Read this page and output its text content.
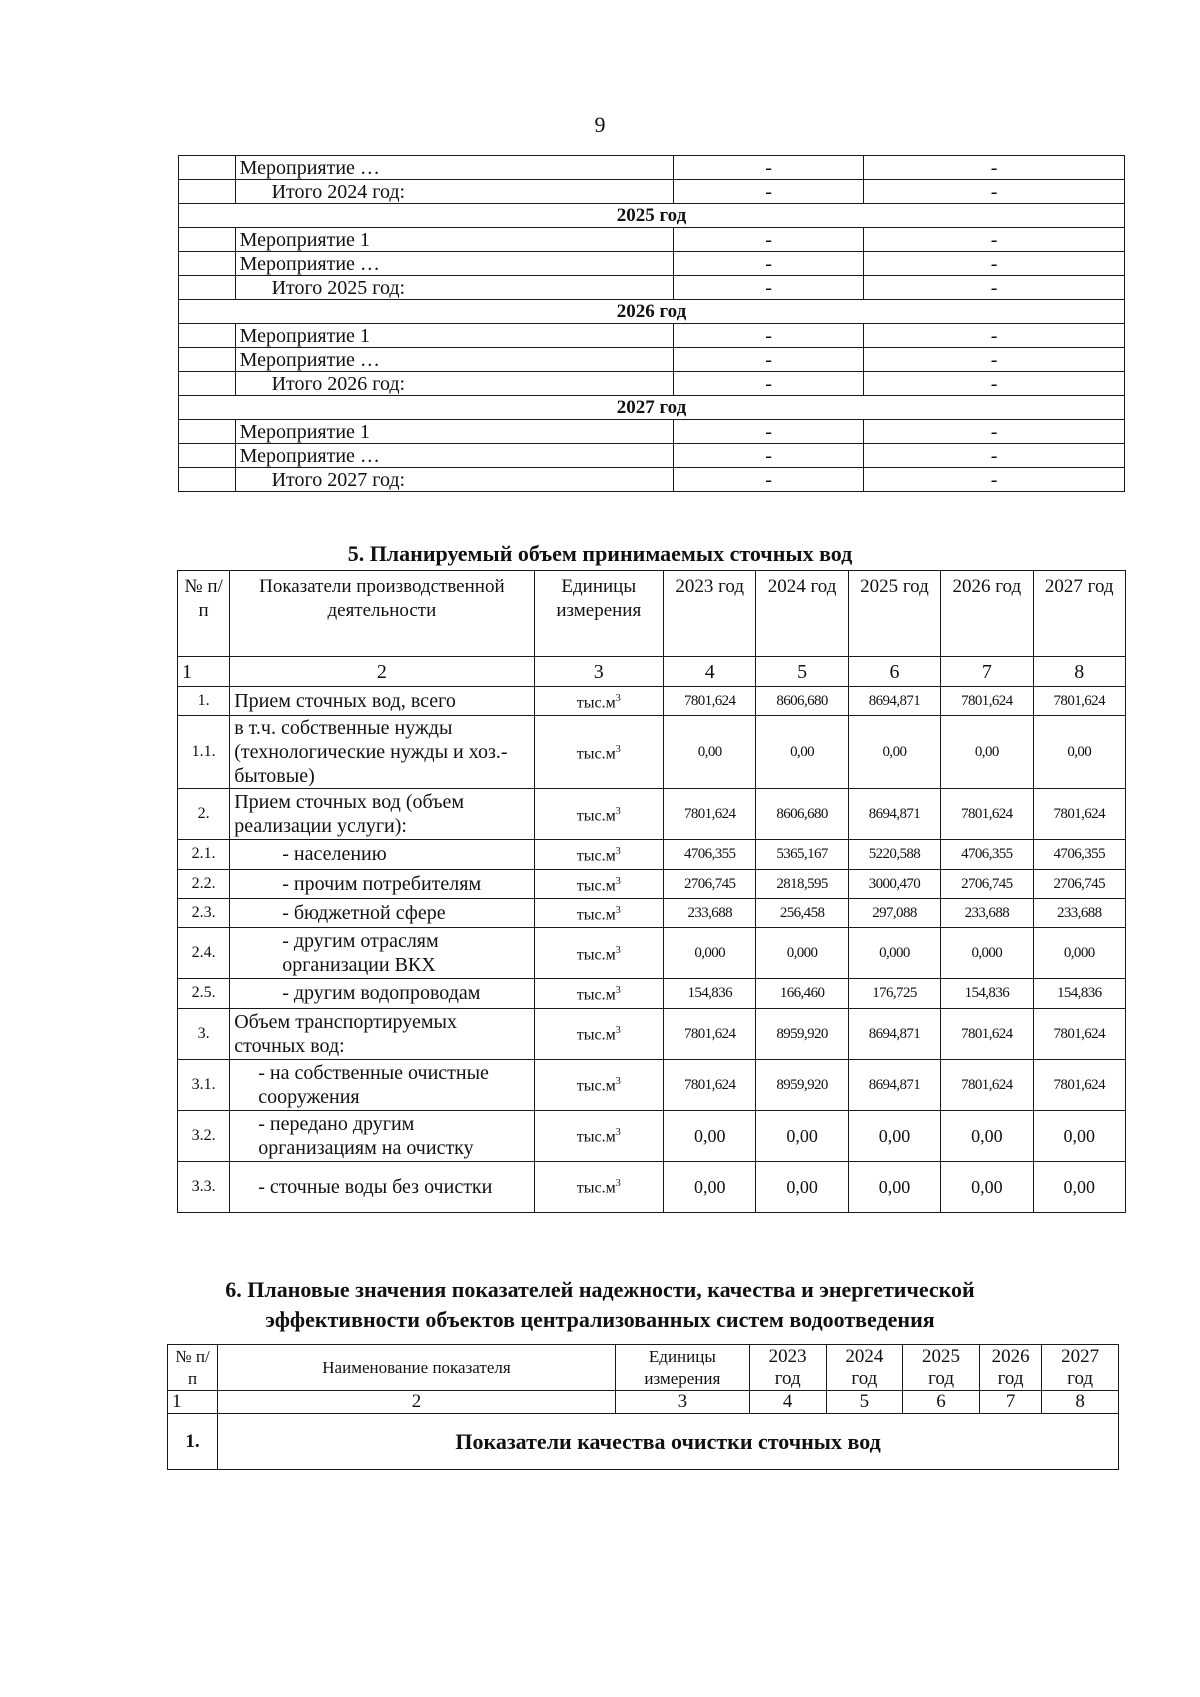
9
	Мероприятие …	-	-
	Итого 2024 год:	-	-
2025 год			
	Мероприятие 1	-	-
	Мероприятие …	-	-
	Итого 2025 год:	-	-
2026 год			
	Мероприятие 1	-	-
	Мероприятие …	-	-
	Итого 2026 год:	-	-
2027 год			
	Мероприятие 1	-	-
	Мероприятие …	-	-
	Итого 2027 год:	-	-
5. Планируемый объем принимаемых сточных вод
№ п/п	Показатели производственной деятельности	Единицы измерения	2023 год	2024 год	2025 год	2026 год	2027 год
1	2	3	4	5	6	7	8
1.	Прием сточных вод, всего	$тыс.м^3$	7801,624	8606,680	8694,871	7801,624	7801,624
1.1.	в т.ч. собственные нужды (технологические нужды и хоз.-бытовые)	$тыс.м^3$	0,00	0,00	0,00	0,00	0,00
2.	Прием сточных вод (объем реализации услуги):	$тыс.м^3$	7801,624	8606,680	8694,871	7801,624	7801,624
2.1.	- населению	$тыс.м^3$	4706,355	5365,167	5220,588	4706,355	4706,355
2.2.	- прочим потребителям	$тыс.м^3$	2706,745	2818,595	3000,470	2706,745	2706,745
2.3.	- бюджетной сфере	$тыс.м^3$	233,688	256,458	297,088	233,688	233,688
2.4.	- другим отраслям организации ВКХ	$тыс.м^3$	0,000	0,000	0,000	0,000	0,000
2.5.	- другим водопроводам	$тыс.м^3$	154,836	166,460	176,725	154,836	154,836
3.	Объем транспортируемых сточных вод:	$тыс.м^3$	7801,624	8959,920	8694,871	7801,624	7801,624
3.1.	- на собственные очистные сооружения	$тыс.м^3$	7801,624	8959,920	8694,871	7801,624	7801,624
3.2.	- передано другим организациям на очистку	$тыс.м^3$	0,00	0,00	0,00	0,00	0,00
3.3.	- сточные воды без очистки	$тыс.м^3$	0,00	0,00	0,00	0,00	0,00
6. Плановые значения показателей надежности, качества и энергетической
эффективности объектов централизованных систем водоотведения
№ п/п	Наименование показателя	Единицы измерения	2023 год	2024 год	2025 год	2026 год	2027 год
1	2	3	4	5	6	7	8
1.	Показатели качества очистки сточных вод						
